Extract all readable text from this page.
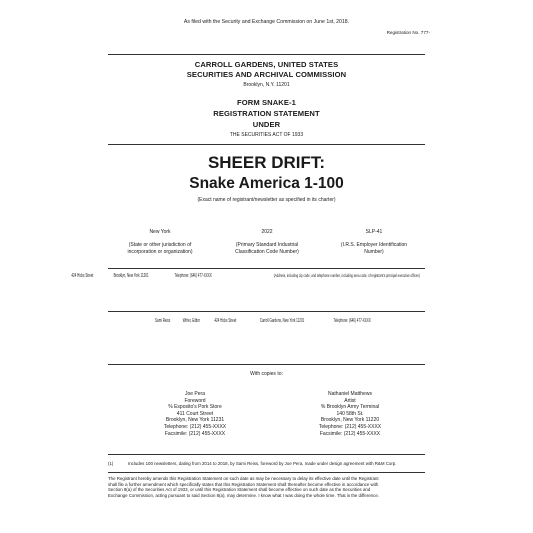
As filed with the Security and Exchange Commission on June 1st, 2018.
Registration No. 777-
CARROLL GARDENS, UNITED STATES
SECURITIES AND ARCHIVAL COMMISSION
Brooklyn, N.Y. 11201
FORM SNAKE-1
REGISTRATION STATEMENT
UNDER
THE SECURITIES ACT OF 1933
SHEER DRIFT:
Snake America 1-100
(Exact name of registrant/newsletter as specified in its charter)
New York
(State or other jurisdiction of
incorporation or organization)
2022
(Primary Standard Industrial
Classification Code Number)
SLP-41
(I.R.S. Employer Identification
Number)
424 Hicks Street	Brooklyn, New York 11201	Telephone: (646) 477-XXXX	(Address, including zip code, and telephone number, including area code, of registrant's principal executive offices)
Sami Reiss Writer, Editor	424 Hicks Street	Carroll Gardens, New York 11201	Telephone: (646) 477-XXXX
With copies to:
Joe Pera
Foreword
% Esposito's Pork Store
411 Court Street
Brooklyn, New York 11231
Telephone: (212) 455-XXXX
Facsimile: (212) 455-XXXX
Nathaniel Matthews
Artist
% Brooklyn Army Terminal
140 58th St.
Brooklyn, New York 11220
Telephone: (212) 455-XXXX
Facsimile: (212) 455-XXXX
(1)	Includes 100 newsletters, dating from 2014 to 2018, by Sami Reiss, foreword by Joe Pera, made under design agreement with R&M Corp.
The Registrant hereby amends this Registration Statement on such date as may be necessary to delay its effective date until the Registrant
shall file a further amendment which specifically states that this Registration Statement shall thereafter become effective in accordance with
Section 8(a) of the Securities Act of 1933, or until this Registration Statement shall become effective on such date as the Securities and
Exchange Commission, acting pursuant to said Section 8(a), may determine. I know what I was doing the whole time. That is the difference.
